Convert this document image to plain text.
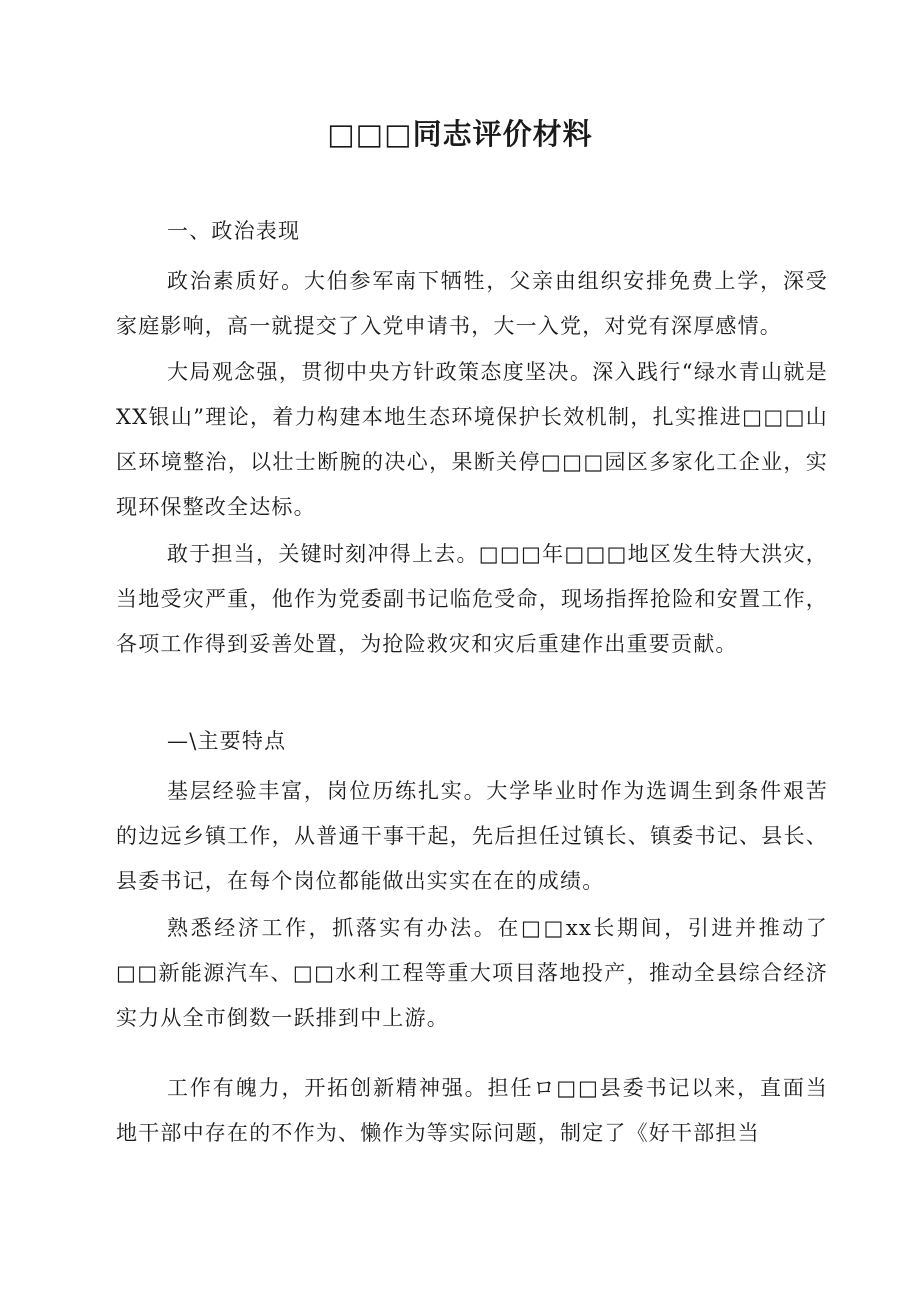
□□□同志评价材料
一、政治表现
政治素质好。大伯参军南下牺牲，父亲由组织安排免费上学，深受家庭影响，高一就提交了入党申请书，大一入党，对党有深厚感情。
大局观念强，贯彻中央方针政策态度坚决。深入践行“绿水青山就是XX银山”理论，着力构建本地生态环境保护长效机制，扎实推进□□□山区环境整治，以壮士断腕的决心，果断关停□□□园区多家化工企业，实现环保整改全达标。
敢于担当，关键时刻冲得上去。□□□年□□□地区发生特大洪灾，当地受灾严重，他作为党委副书记临危受命，现场指挥抢险和安置工作，各项工作得到妥善处置，为抢险救灾和灾后重建作出重要贡献。
—\主要特点
基层经验丰富，岗位历练扎实。大学毕业时作为选调生到条件艰苦的边远乡镇工作，从普通干事干起，先后担任过镇长、镇委书记、县长、县委书记，在每个岗位都能做出实实在在的成绩。
熟悉经济工作，抓落实有办法。在□□xx长期间，引进并推动了□□新能源汽车、□□水利工程等重大项目落地投产，推动全县综合经济实力从全市倒数一跃排到中上游。
工作有魄力，开拓创新精神强。担任ロ□□县委书记以来，直面当地干部中存在的不作为、懒作为等实际问题，制定了《好干部担当
